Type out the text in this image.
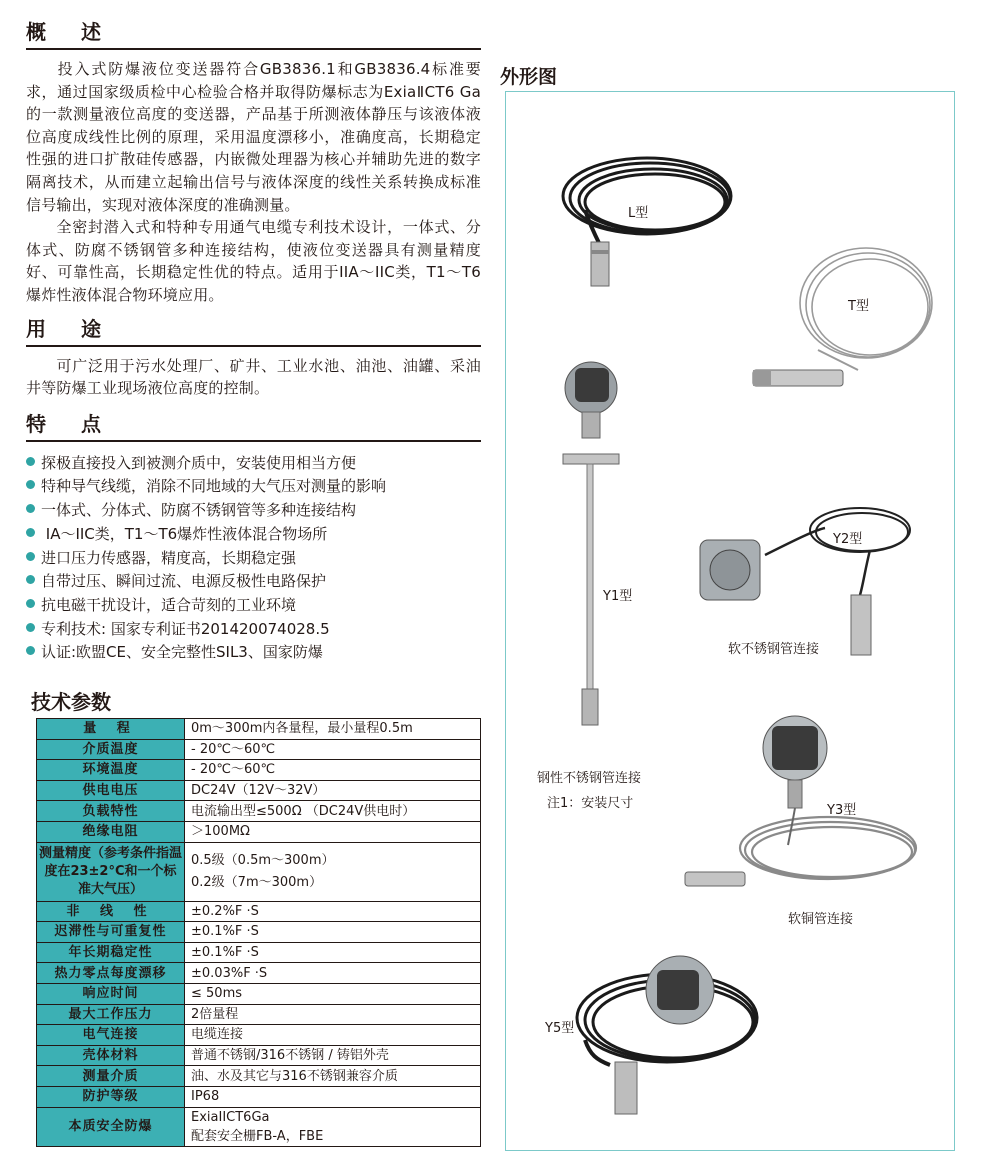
概 述

投入式防爆液位变送器符合GB3836.1和GB3836.4标准要求，通过国家级质检中心检验合格并取得防爆标志为ExiaⅡCT6 Ga的一款测量液位高度的变送器，产品基于所测液体静压与该液体液位高度成线性比例的原理，采用温度漂移小，准确度高，长期稳定性强的进口扩散硅传感器，内嵌微处理器为核心并辅助先进的数字隔离技术，从而建立起输出信号与液体深度的线性关系转换成标准信号输出，实现对液体深度的准确测量。

全密封潜入式和特种专用通气电缆专利技术设计，一体式、分体式、防腐不锈钢管多种连接结构，使液位变送器具有测量精度好、可靠性高，长期稳定性优的特点。适用于IIA～IIC类，T1～T6爆炸性液体混合物环境应用。

用 途

可广泛用于污水处理厂、矿井、工业水池、油池、油罐、采油井等防爆工业现场液位高度的控制。

特 点
探极直接投入到被测介质中，安装使用相当方便
特种导气线缆，消除不同地域的大气压对测量的影响
一体式、分体式、防腐不锈钢管等多种连接结构
IA～IIC类，T1～T6爆炸性液体混合物场所
进口压力传感器，精度高，长期稳定强
自带过压、瞬间过流、电源反极性电路保护
抗电磁干扰设计，适合苛刻的工业环境
专利技术: 国家专利证书201420074028.5
认证:欧盟CE、安全完整性SIL3、国家防爆
技术参数
量 程	0m～300m内各量程，最小量程0.5m

介质温度	- 20℃～60℃

环境温度	- 20℃～60℃

供电电压	DC24V（12V～32V）

负载特性	电流输出型≤500Ω （DC24V供电时）

绝缘电阻	＞100MΩ

测量精度（参考条件指温度在23±2°C和一个标准大气压）	0.5级（0.5m～300m）
0.2级（7m～300m）

非 线 性	±0.2%F ·S

迟滞性与可重复性	±0.1%F ·S

年长期稳定性	±0.1%F ·S

热力零点每度漂移	±0.03%F ·S

响应时间	≤ 50ms

最大工作压力	2倍量程

电气连接	电缆连接

壳体材料	普通不锈钢/316不锈钢 / 铸铝外壳

测量介质	油、水及其它与316不锈钢兼容介质

防护等级	IP68

本质安全防爆	ExiaIICT6Ga
配套安全栅FB-A，FBE
外形图
L型
T型
Y1型
钢性不锈钢管连接
注1：安装尺寸
Y2型
软不锈钢管连接
Y3型
软铜管连接
Y5型
